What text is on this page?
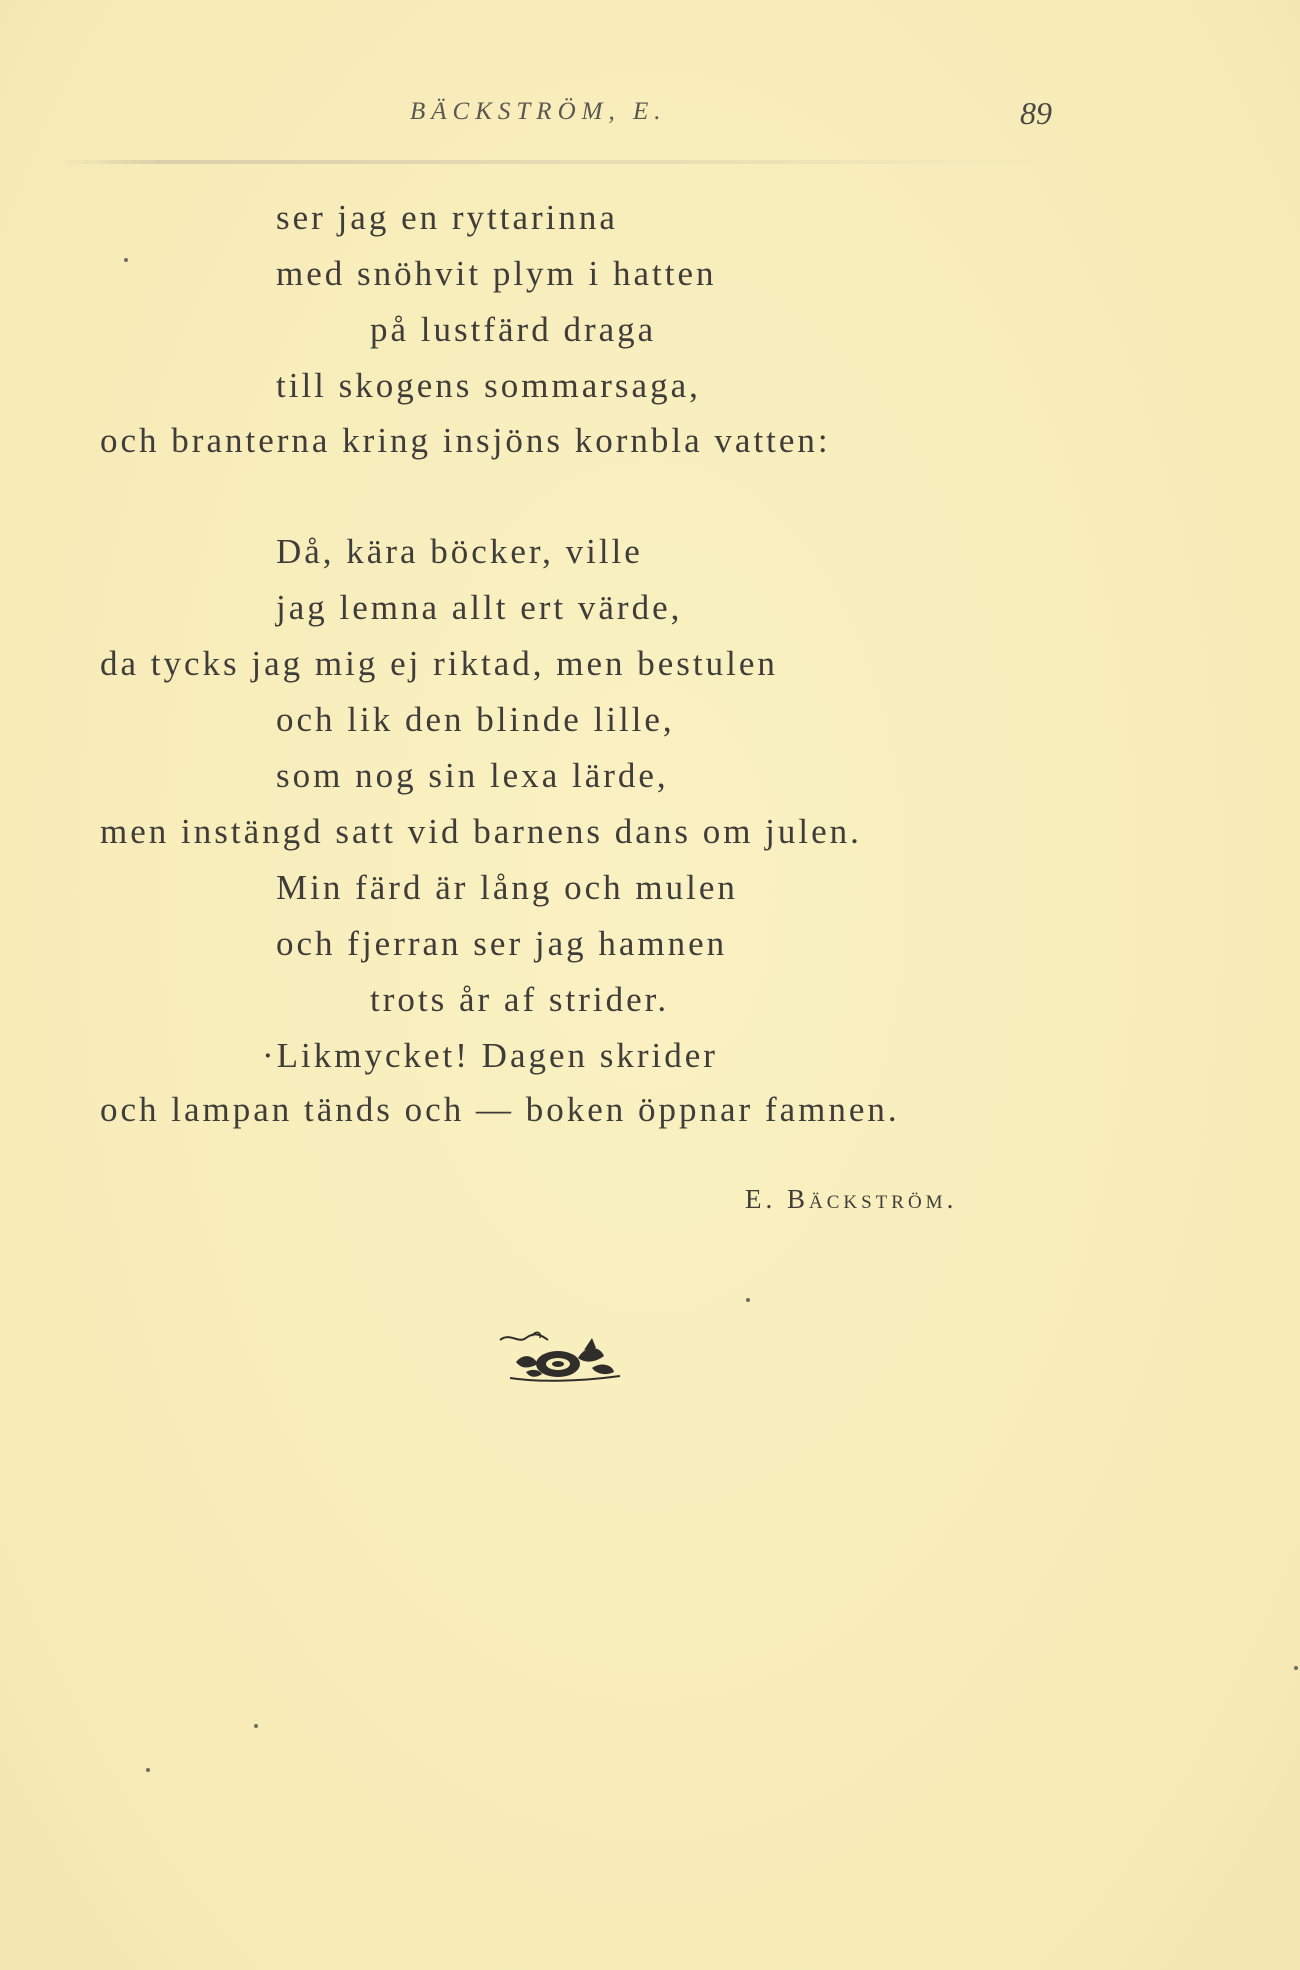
BÄCKSTRÖM, E.	89
ser jag en ryttarinna
med snöhvit plym i hatten
på lustfärd draga
till skogens sommarsaga,
och branterna kring insjöns kornbla vatten:
Då, kära böcker, ville
jag lemna allt ert värde,
da tycks jag mig ej riktad, men bestulen
och lik den blinde lille,
som nog sin lexa lärde,
men instängd satt vid barnens dans om julen.
Min färd är lång och mulen
och fjerran ser jag hamnen
trots år af strider.
·Likmycket! Dagen skrider
och lampan tänds och — boken öppnar famnen.
E. Bäckström.
